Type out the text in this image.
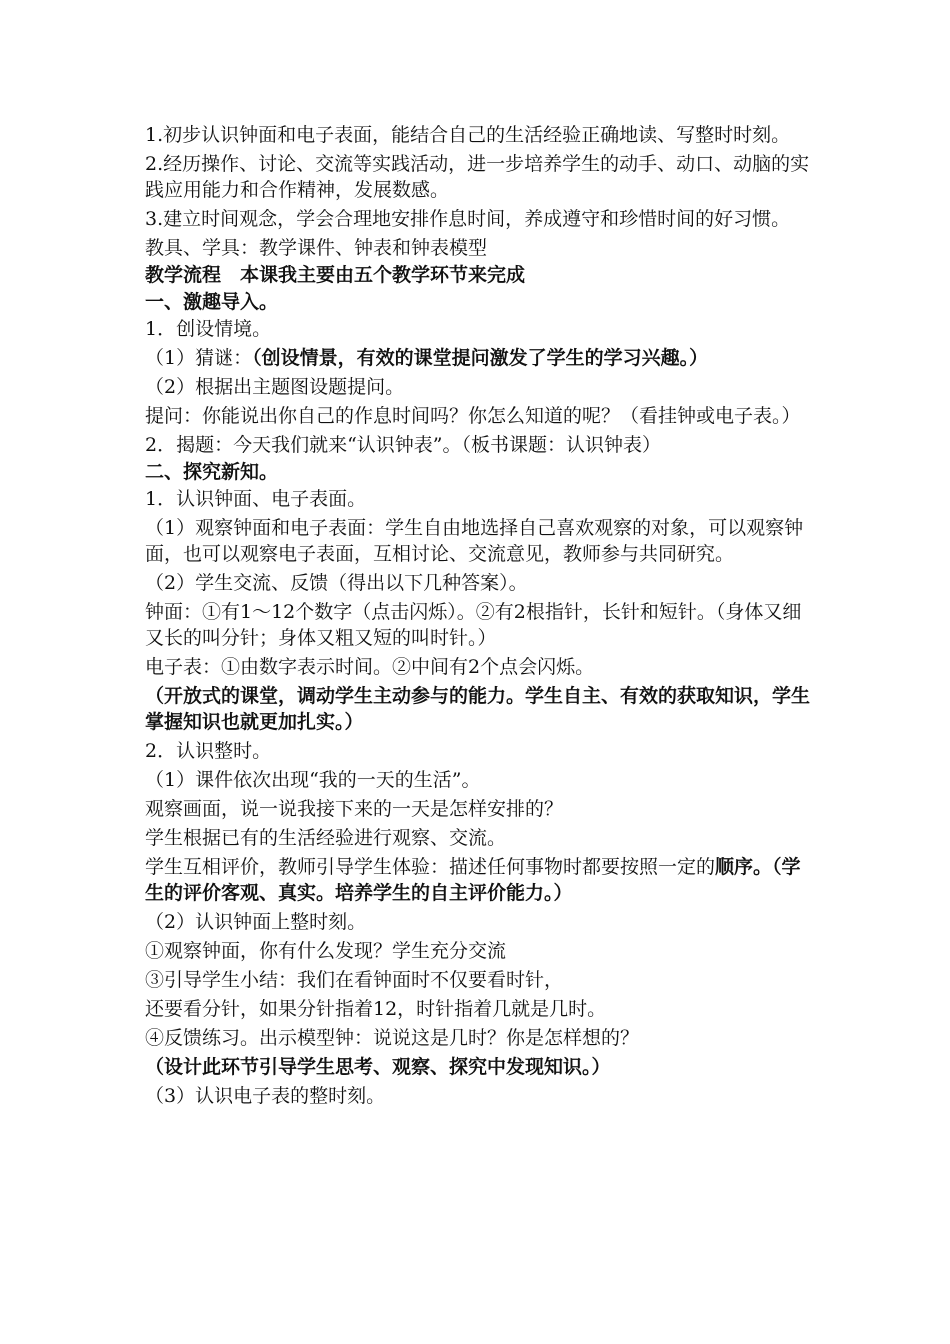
1.初步认识钟面和电子表面，能结合自己的生活经验正确地读、写整时时刻。

2.经历操作、讨论、交流等实践活动，进一步培养学生的动手、动口、动脑的实践应用能力和合作精神，发展数感。

3.建立时间观念，学会合理地安排作息时间，养成遵守和珍惜时间的好习惯。

教具、学具：教学课件、钟表和钟表模型

教学流程　本课我主要由五个教学环节来完成

一、激趣导入。

1．创设情境。

（1）猜谜：（创设情景，有效的课堂提问激发了学生的学习兴趣。）

（2）根据出主题图设题提问。

提问：你能说出你自己的作息时间吗？你怎么知道的呢？（看挂钟或电子表。）

2．揭题：今天我们就来“认识钟表”。（板书课题：认识钟表）

二、探究新知。

1．认识钟面、电子表面。

（1）观察钟面和电子表面：学生自由地选择自己喜欢观察的对象，可以观察钟面，也可以观察电子表面，互相讨论、交流意见，教师参与共同研究。

（2）学生交流、反馈（得出以下几种答案）。

钟面：①有1～12个数字（点击闪烁）。②有2根指针，长针和短针。（身体又细又长的叫分针；身体又粗又短的叫时针。）

电子表：①由数字表示时间。②中间有2个点会闪烁。

（开放式的课堂，调动学生主动参与的能力。学生自主、有效的获取知识，学生掌握知识也就更加扎实。）

2．认识整时。

（1）课件依次出现“我的一天的生活”。

观察画面，说一说我接下来的一天是怎样安排的？

学生根据已有的生活经验进行观察、交流。

学生互相评价，教师引导学生体验：描述任何事物时都要按照一定的顺序。（学生的评价客观、真实。培养学生的自主评价能力。）

（2）认识钟面上整时刻。

①观察钟面，你有什么发现？学生充分交流

③引导学生小结：我们在看钟面时不仅要看时针，

还要看分针，如果分针指着12，时针指着几就是几时。

④反馈练习。出示模型钟：说说这是几时？你是怎样想的？

（设计此环节引导学生思考、观察、探究中发现知识。）

（3）认识电子表的整时刻。
